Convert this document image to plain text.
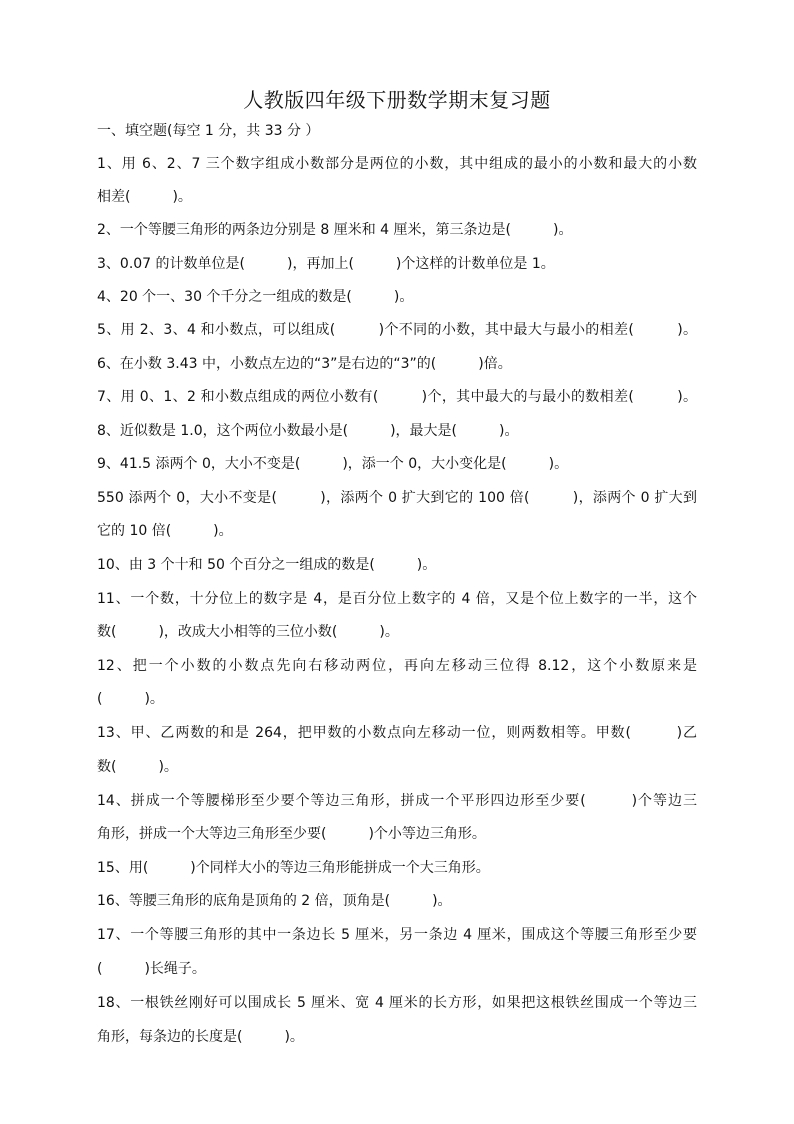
人教版四年级下册数学期末复习题
一、填空题(每空 1 分，共 33 分 ）
1、用 6、2、7 三个数字组成小数部分是两位的小数，其中组成的最小的小数和最大的小数
相差(　　　)。
2、一个等腰三角形的两条边分别是 8 厘米和 4 厘米，第三条边是(　　　)。
3、0.07 的计数单位是(　　　)，再加上(　　　)个这样的计数单位是 1。
4、20 个一、30 个千分之一组成的数是(　　　)。
5、用 2、3、4 和小数点，可以组成(　　　)个不同的小数，其中最大与最小的相差(　　　)。
6、在小数 3.43 中，小数点左边的“3”是右边的“3”的(　　　)倍。
7、用 0、1、2 和小数点组成的两位小数有(　　　)个，其中最大的与最小的数相差(　　　)。
8、近似数是 1.0，这个两位小数最小是(　　　)，最大是(　　　)。
9、41.5 添两个 0，大小不变是(　　　)，添一个 0，大小变化是(　　　)。
550 添两个 0，大小不变是(　　　)，添两个 0 扩大到它的 100 倍(　　　)，添两个 0 扩大到
它的 10 倍(　　　)。
10、由 3 个十和 50 个百分之一组成的数是(　　　)。
11、一个数，十分位上的数字是 4，是百分位上数字的 4 倍，又是个位上数字的一半，这个
数(　　　)，改成大小相等的三位小数(　　　)。
12、把一个小数的小数点先向右移动两位，再向左移动三位得 8.12，这个小数原来是
(　　　)。
13、甲、乙两数的和是 264，把甲数的小数点向左移动一位，则两数相等。甲数(　　　)乙
数(　　　)。
14、拼成一个等腰梯形至少要个等边三角形，拼成一个平形四边形至少要(　　　)个等边三
角形，拼成一个大等边三角形至少要(　　　)个小等边三角形。
15、用(　　　)个同样大小的等边三角形能拼成一个大三角形。
16、等腰三角形的底角是顶角的 2 倍，顶角是(　　　)。
17、一个等腰三角形的其中一条边长 5 厘米，另一条边 4 厘米，围成这个等腰三角形至少要
(　　　)长绳子。
18、一根铁丝刚好可以围成长 5 厘米、宽 4 厘米的长方形，如果把这根铁丝围成一个等边三
角形，每条边的长度是(　　　)。
